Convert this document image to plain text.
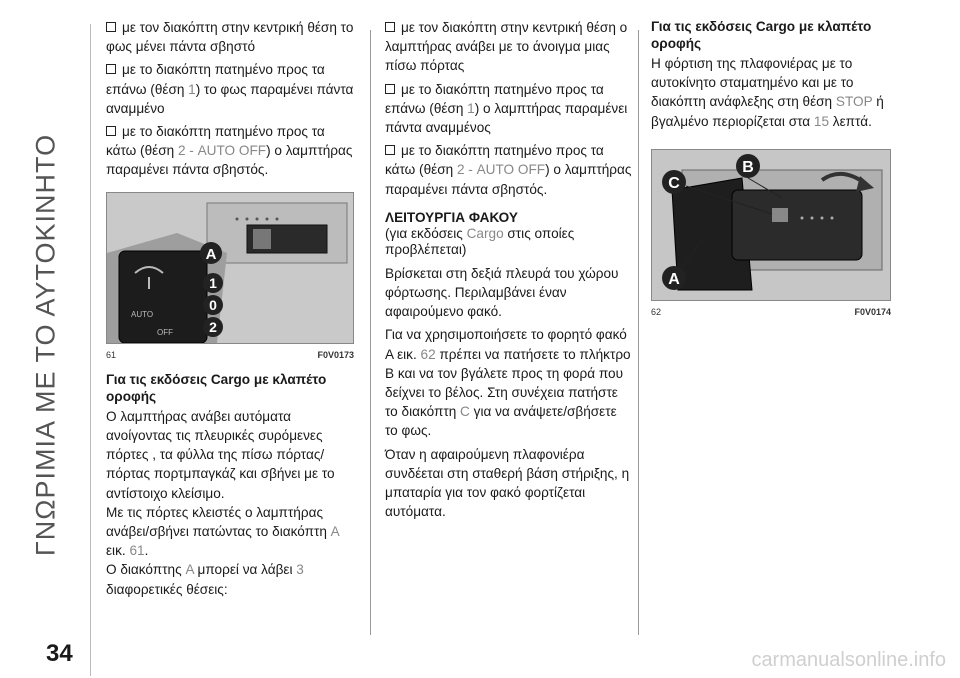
ΓΝΩΡΙΜΙΑ ΜΕ ΤΟ ΑΥΤΟΚΙΝΗΤΟ

με τον διακόπτη στην κεντρική θέση το φως μένει πάντα σβηστό

με το διακόπτη πατημένο προς τα επάνω (θέση 1) το φως παραμένει πάντα αναμμένο

με το διακόπτη πατημένο προς τα κάτω (θέση 2 - AUTO OFF) ο λαμπτήρας παραμένει πάντα σβηστός.

AUTO
OFF
A
1
0
2
61	F0V0173

Για τις εκδόσεις Cargo με κλαπέτο οροφής

Ο λαμπτήρας ανάβει αυτόματα ανοίγοντας τις πλευρικές συρόμενες πόρτες , τα φύλλα της πίσω πόρτας/πόρτας πορτμπαγκάζ και σβήνει με το αντίστοιχο κλείσιμο.
Με τις πόρτες κλειστές ο λαμπτήρας ανάβει/σβήνει πατώντας το διακόπτη A εικ. 61.
Ο διακόπτης A μπορεί να λάβει 3
διαφορετικές θέσεις:

με τον διακόπτη στην κεντρική θέση ο λαμπτήρας ανάβει με το άνοιγμα μιας πίσω πόρτας

με το διακόπτη πατημένο προς τα επάνω (θέση 1) ο λαμπτήρας παραμένει πάντα αναμμένος

με το διακόπτη πατημένο προς τα κάτω (θέση 2 - AUTO OFF) ο λαμπτήρας παραμένει πάντα σβηστός.

ΛΕΙΤΟΥΡΓΙΑ ΦΑΚΟΥ

(για εκδόσεις Cargo στις οποίες προβλέπεται)

Βρίσκεται στη δεξιά πλευρά του χώρου φόρτωσης. Περιλαμβάνει έναν αφαιρούμενο φακό.

Για να χρησιμοποιήσετε το φορητό φακό Α εικ. 62 πρέπει να πατήσετε το πλήκτρο B και να τον βγάλετε προς τη φορά που δείχνει το βέλος. Στη συνέχεια πατήστε το διακόπτη C για να ανάψετε/σβήσετε το φως.

Όταν η αφαιρούμενη πλαφονιέρα συνδέεται στη σταθερή βάση στήριξης, η μπαταρία για τον φακό φορτίζεται αυτόματα.

Για τις εκδόσεις Cargo με κλαπέτο οροφής

Η φόρτιση της πλαφονιέρας με το αυτοκίνητο σταματημένο και με το διακόπτη ανάφλεξης στη θέση STOP ή βγαλμένο περιορίζεται στα 15 λεπτά.

C
B
A
62	F0V0174
34	carmanualsonline.info
